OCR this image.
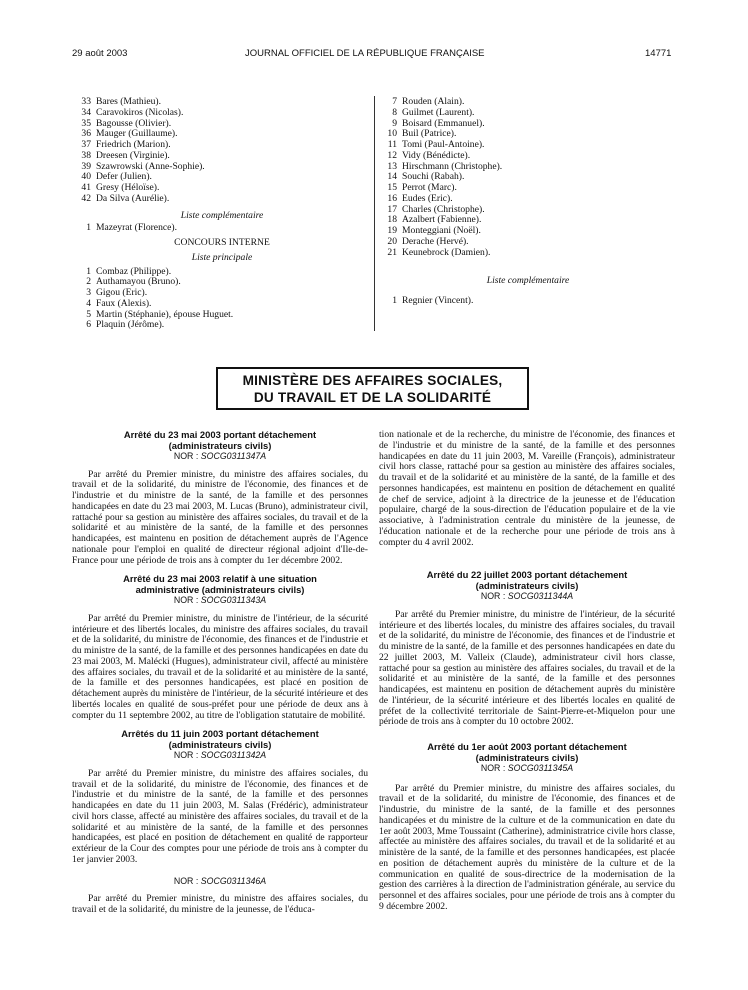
29 août 2003	JOURNAL OFFICIEL DE LA RÉPUBLIQUE FRANÇAISE	14771
33 Bares (Mathieu).
34 Caravokiros (Nicolas).
35 Bagousse (Olivier).
36 Mauger (Guillaume).
37 Friedrich (Marion).
38 Dreesen (Virginie).
39 Szawrowski (Anne-Sophie).
40 Defer (Julien).
41 Gresy (Héloïse).
42 Da Silva (Aurélie).
Liste complémentaire
1 Mazeyrat (Florence).
CONCOURS INTERNE
Liste principale
1 Combaz (Philippe).
2 Authamayou (Bruno).
3 Gigou (Eric).
4 Faux (Alexis).
5 Martin (Stéphanie), épouse Huguet.
6 Plaquin (Jérôme).
7 Rouden (Alain).
8 Guilmet (Laurent).
9 Boisard (Emmanuel).
10 Buil (Patrice).
11 Tomi (Paul-Antoine).
12 Vidy (Bénédicte).
13 Hirschmann (Christophe).
14 Souchi (Rabah).
15 Perrot (Marc).
16 Eudes (Eric).
17 Charles (Christophe).
18 Azalbert (Fabienne).
19 Monteggiani (Noël).
20 Derache (Hervé).
21 Keunebrock (Damien).
Liste complémentaire
1 Regnier (Vincent).
MINISTÈRE DES AFFAIRES SOCIALES,
DU TRAVAIL ET DE LA SOLIDARITÉ
Arrêté du 23 mai 2003 portant détachement
(administrateurs civils)
NOR : SOCG0311347A

Par arrêté du Premier ministre, du ministre des affaires sociales, du travail et de la solidarité, du ministre de l'économie, des finances et de l'industrie et du ministre de la santé, de la famille et des personnes handicapées en date du 23 mai 2003, M. Lucas (Bruno), administrateur civil, rattaché pour sa gestion au ministère des affaires sociales, du travail et de la solidarité et au ministère de la santé, de la famille et des personnes handicapées, est maintenu en position de détachement auprès de l'Agence nationale pour l'emploi en qualité de directeur régional adjoint d'Ile-de-France pour une période de trois ans à compter du 1er décembre 2002.

Arrêté du 23 mai 2003 relatif à une situation
administrative (administrateurs civils)
NOR : SOCG0311343A

Par arrêté du Premier ministre, du ministre de l'intérieur, de la sécurité intérieure et des libertés locales, du ministre des affaires sociales, du travail et de la solidarité, du ministre de l'économie, des finances et de l'industrie et du ministre de la santé, de la famille et des personnes handicapées en date du 23 mai 2003, M. Malécki (Hugues), administrateur civil, affecté au ministère des affaires sociales, du travail et de la solidarité et au ministère de la santé, de la famille et des personnes handicapées, est placé en position de détachement auprès du ministère de l'intérieur, de la sécurité intérieure et des libertés locales en qualité de sous-préfet pour une période de deux ans à compter du 11 septembre 2002, au titre de l'obligation statutaire de mobilité.

Arrêtés du 11 juin 2003 portant détachement
(administrateurs civils)
NOR : SOCG0311342A

Par arrêté du Premier ministre, du ministre des affaires sociales, du travail et de la solidarité, du ministre de l'économie, des finances et de l'industrie et du ministre de la santé, de la famille et des personnes handicapées en date du 11 juin 2003, M. Salas (Frédéric), administrateur civil hors classe, affecté au ministère des affaires sociales, du travail et de la solidarité et au ministère de la santé, de la famille et des personnes handicapées, est placé en position de détachement en qualité de rapporteur extérieur de la Cour des comptes pour une période de trois ans à compter du 1er janvier 2003.

NOR : SOCG0311346A

Par arrêté du Premier ministre, du ministre des affaires sociales, du travail et de la solidarité, du ministre de la jeunesse, de l'éduca-

tion nationale et de la recherche, du ministre de l'économie, des finances et de l'industrie et du ministre de la santé, de la famille et des personnes handicapées en date du 11 juin 2003, M. Vareille (François), administrateur civil hors classe, rattaché pour sa gestion au ministère des affaires sociales, du travail et de la solidarité et au ministère de la santé, de la famille et des personnes handicapées, est maintenu en position de détachement en qualité de chef de service, adjoint à la directrice de la jeunesse et de l'éducation populaire, chargé de la sous-direction de l'éducation populaire et de la vie associative, à l'administration centrale du ministère de la jeunesse, de l'éducation nationale et de la recherche pour une période de trois ans à compter du 4 avril 2002.

Arrêté du 22 juillet 2003 portant détachement
(administrateurs civils)
NOR : SOCG0311344A

Par arrêté du Premier ministre, du ministre de l'intérieur, de la sécurité intérieure et des libertés locales, du ministre des affaires sociales, du travail et de la solidarité, du ministre de l'économie, des finances et de l'industrie et du ministre de la santé, de la famille et des personnes handicapées en date du 22 juillet 2003, M. Valleix (Claude), administrateur civil hors classe, rattaché pour sa gestion au ministère des affaires sociales, du travail et de la solidarité et au ministère de la santé, de la famille et des personnes handicapées, est maintenu en position de détachement auprès du ministère de l'intérieur, de la sécurité intérieure et des libertés locales en qualité de préfet de la collectivité territoriale de Saint-Pierre-et-Miquelon pour une période de trois ans à compter du 10 octobre 2002.

Arrêté du 1er août 2003 portant détachement
(administrateurs civils)
NOR : SOCG0311345A

Par arrêté du Premier ministre, du ministre des affaires sociales, du travail et de la solidarité, du ministre de l'économie, des finances et de l'industrie, du ministre de la santé, de la famille et des personnes handicapées et du ministre de la culture et de la communication en date du 1er août 2003, Mme Toussaint (Catherine), administratrice civile hors classe, affectée au ministère des affaires sociales, du travail et de la solidarité et au ministère de la santé, de la famille et des personnes handicapées, est placée en position de détachement auprès du ministère de la culture et de la communication en qualité de sous-directrice de la modernisation de la gestion des carrières à la direction de l'administration générale, au service du personnel et des affaires sociales, pour une période de trois ans à compter du 9 décembre 2002.
